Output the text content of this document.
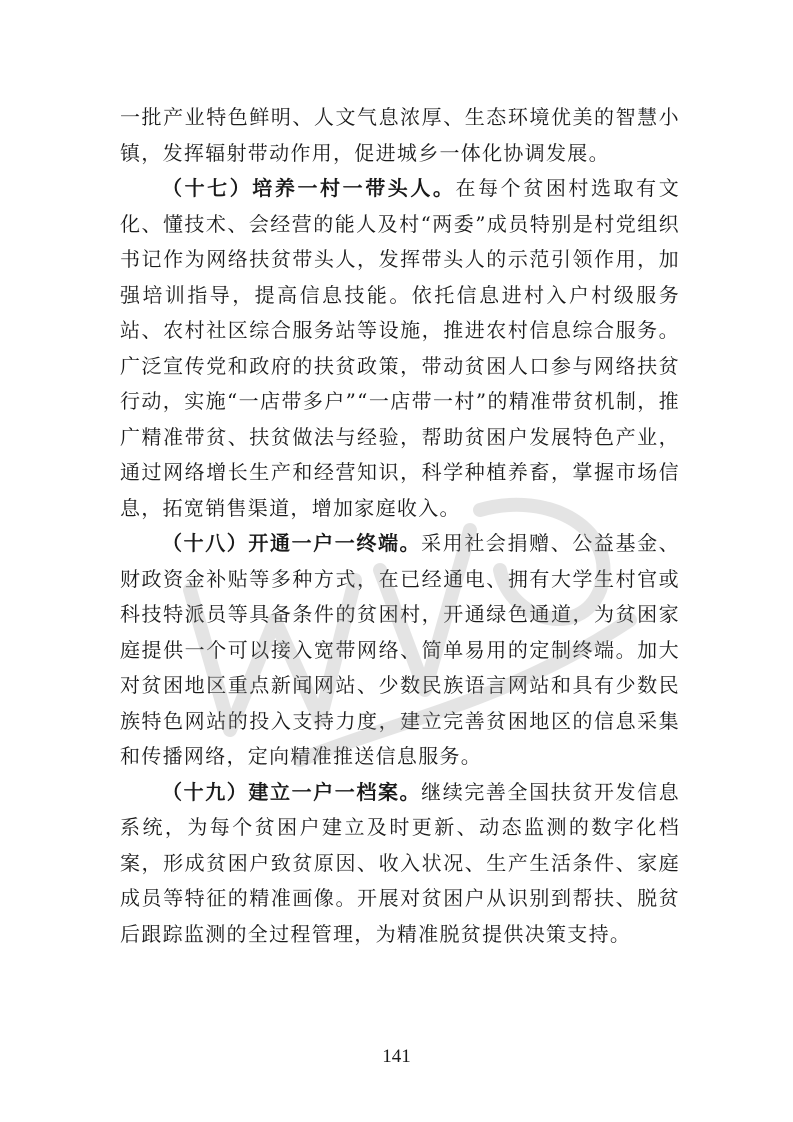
一批产业特色鲜明、人文气息浓厚、生态环境优美的智慧小镇，发挥辐射带动作用，促进城乡一体化协调发展。

（十七）培养一村一带头人。在每个贫困村选取有文化、懂技术、会经营的能人及村“两委”成员特别是村党组织书记作为网络扶贫带头人，发挥带头人的示范引领作用，加强培训指导，提高信息技能。依托信息进村入户村级服务站、农村社区综合服务站等设施，推进农村信息综合服务。广泛宣传党和政府的扶贫政策，带动贫困人口参与网络扶贫行动，实施“一店带多户”“一店带一村”的精准带贫机制，推广精准带贫、扶贫做法与经验，帮助贫困户发展特色产业，通过网络增长生产和经营知识，科学种植养畜，掌握市场信息，拓宽销售渠道，增加家庭收入。

（十八）开通一户一终端。采用社会捐赠、公益基金、财政资金补贴等多种方式，在已经通电、拥有大学生村官或科技特派员等具备条件的贫困村，开通绿色通道，为贫困家庭提供一个可以接入宽带网络、简单易用的定制终端。加大对贫困地区重点新闻网站、少数民族语言网站和具有少数民族特色网站的投入支持力度，建立完善贫困地区的信息采集和传播网络，定向精准推送信息服务。

（十九）建立一户一档案。继续完善全国扶贫开发信息系统，为每个贫困户建立及时更新、动态监测的数字化档案，形成贫困户致贫原因、收入状况、生产生活条件、家庭成员等特征的精准画像。开展对贫困户从识别到帮扶、脱贫后跟踪监测的全过程管理，为精准脱贫提供决策支持。

141
